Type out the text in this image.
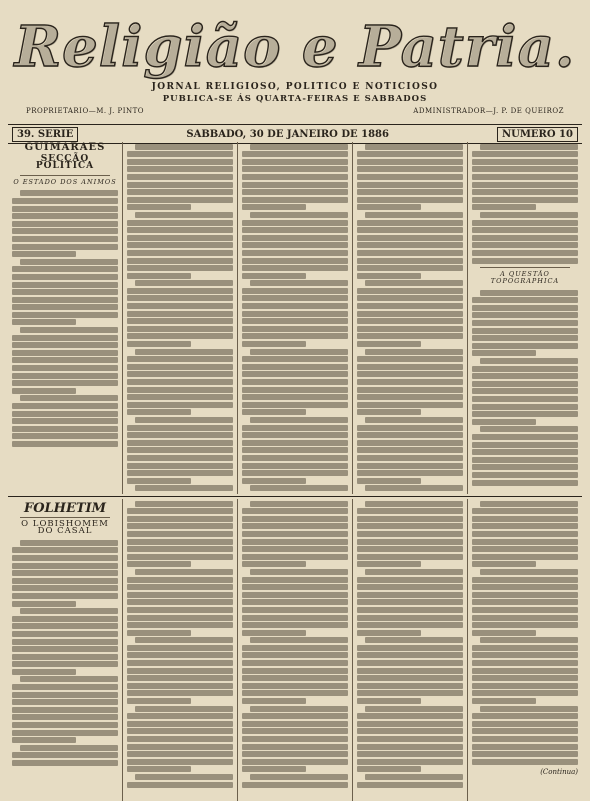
Religião e Patria.
JORNAL RELIGIOSO, POLITICO E NOTICIOSO
PUBLICA-SE ÁS QUARTA-FEIRAS E SABBADOS
PROPRIETARIO—M. J. PINTO	ADMINISTRADOR—J. P. DE QUEIROZ
39. SERIE	SABBADO, 30 DE JANEIRO DE 1886	NUMERO 10
GUIMARÃES
SECÇÃO POLITICA
O ESTADO DOS ANIMOS
A QUESTÃO TOPOGRAPHICA
FOLHETIM
O LOBISHOMEM DO CASAL
(Continua)
